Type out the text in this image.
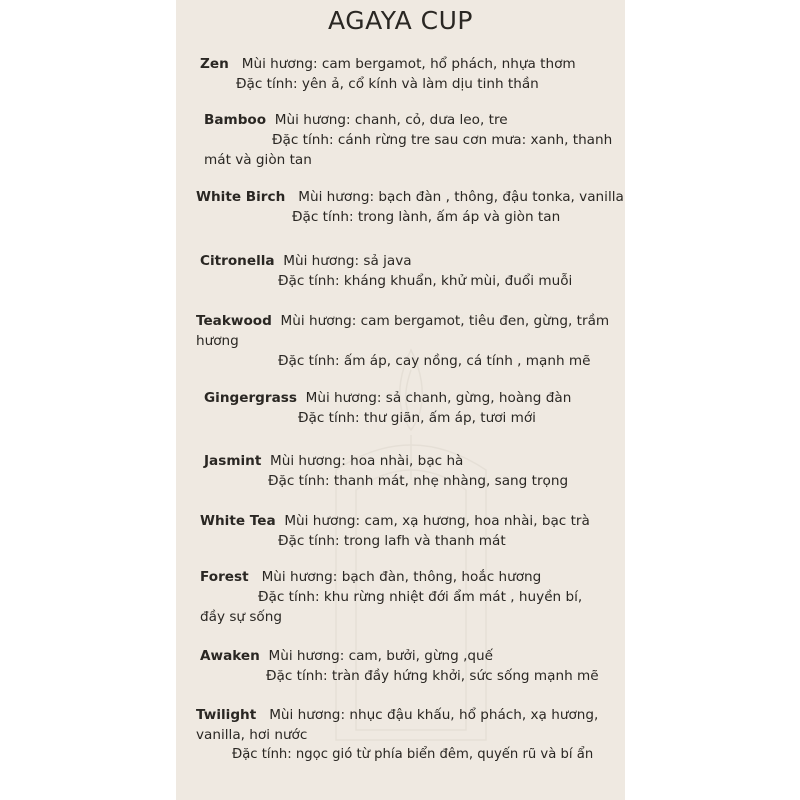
AGAYA CUP
Zen Mùi hương: cam bergamot, hổ phách, nhựa thơm
Đặc tính: yên ả, cổ kính và làm dịu tinh thần
Bamboo Mùi hương: chanh, cỏ, dưa leo, tre
Đặc tính: cánh rừng tre sau cơn mưa: xanh, thanh
mát và giòn tan
White Birch Mùi hương: bạch đàn , thông, đậu tonka, vanilla
Đặc tính: trong lành, ấm áp và giòn tan
Citronella Mùi hương: sả java
Đặc tính: kháng khuẩn, khử mùi, đuổi muỗi
Teakwood Mùi hương: cam bergamot, tiêu đen, gừng, trầm
hương
Đặc tính: ấm áp, cay nồng, cá tính , mạnh mẽ
Gingergrass Mùi hương: sả chanh, gừng, hoàng đàn
Đặc tính: thư giãn, ấm áp, tươi mới
Jasmint Mùi hương: hoa nhài, bạc hà
Đặc tính: thanh mát, nhẹ nhàng, sang trọng
White Tea Mùi hương: cam, xạ hương, hoa nhài, bạc trà
Đặc tính: trong lafh và thanh mát
Forest Mùi hương: bạch đàn, thông, hoắc hương
Đặc tính: khu rừng nhiệt đới ẩm mát , huyền bí,
đầy sự sống
Awaken Mùi hương: cam, bưởi, gừng ,quế
Đặc tính: tràn đầy hứng khởi, sức sống mạnh mẽ
Twilight Mùi hương: nhục đậu khấu, hổ phách, xạ hương,
vanilla, hơi nước
Đặc tính: ngọc gió từ phía biển đêm, quyến rũ và bí ẩn
